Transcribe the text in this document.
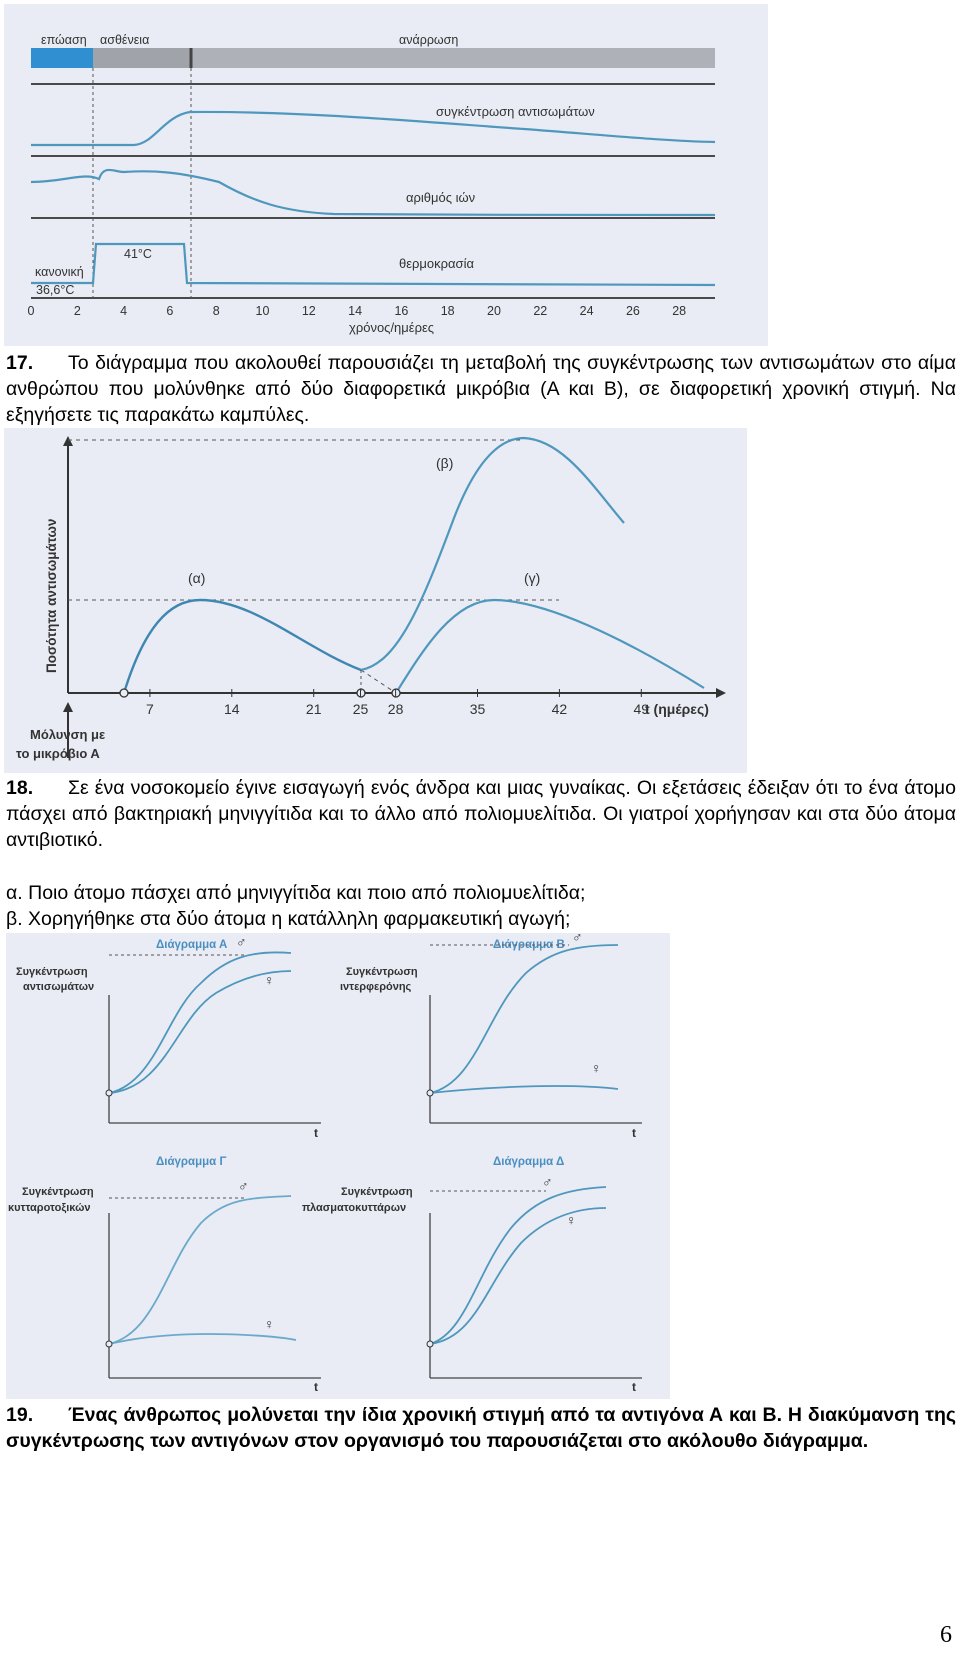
επώαση ασθένεια	ανάρρωση
συγκέντρωση αντισωμάτων
αριθμός ιών
θερμοκρασία
41°C
κανονική
36,6°C
0	2	4	6	8	10	12	14	16	18	20	22	24	26	28
χρόνος/ημέρες
17. Το διάγραμμα που ακολουθεί παρουσιάζει τη μεταβολή της συγκέντρωσης των αντισωμάτων στο αίμα ανθρώπου που μολύνθηκε από δύο διαφορετικά μικρόβια (Α και Β), σε διαφορετική χρονική στιγμή. Να εξηγήσετε τις παρακάτω καμπύλες.
Ποσότητα αντισωμάτων	(α)
(β)
(γ)
7	14	21 25 28	35	42	49
t (ημέρες)
Μόλυνση με
το μικρόβιο Α
18. Σε ένα νοσοκομείο έγινε εισαγωγή ενός άνδρα και μιας γυναίκας. Οι εξετάσεις έδειξαν ότι το ένα άτομο πάσχει από βακτηριακή μηνιγγίτιδα και το άλλο από πολιομυελίτιδα. Οι γιατροί χορήγησαν και στα δύο άτομα αντιβιοτικό.
α. Ποιο άτομο πάσχει από μηνιγγίτιδα και ποιο από πολιομυελίτιδα;
β. Χορηγήθηκε στα δύο άτομα η κατάλληλη φαρμακευτική αγωγή;
Διάγραμμα Α
Συγκέντρωση
αντισωμάτων
♂
♀
t
Διάγραμμα Β
Συγκέντρωση
ιντερφερόνης
♂
♀
t
Διάγραμμα Γ
Συγκέντρωση
κυτταροτοξικών
♂
♀
t
Διάγραμμα Δ
Συγκέντρωση
πλασματοκυττάρων
♂
♀
t
19. Ένας άνθρωπος μολύνεται την ίδια χρονική στιγμή από τα αντιγόνα Α και Β. Η διακύμανση της συγκέντρωσης των αντιγόνων στον οργανισμό του παρουσιάζεται στο ακόλουθο διάγραμμα.
6
